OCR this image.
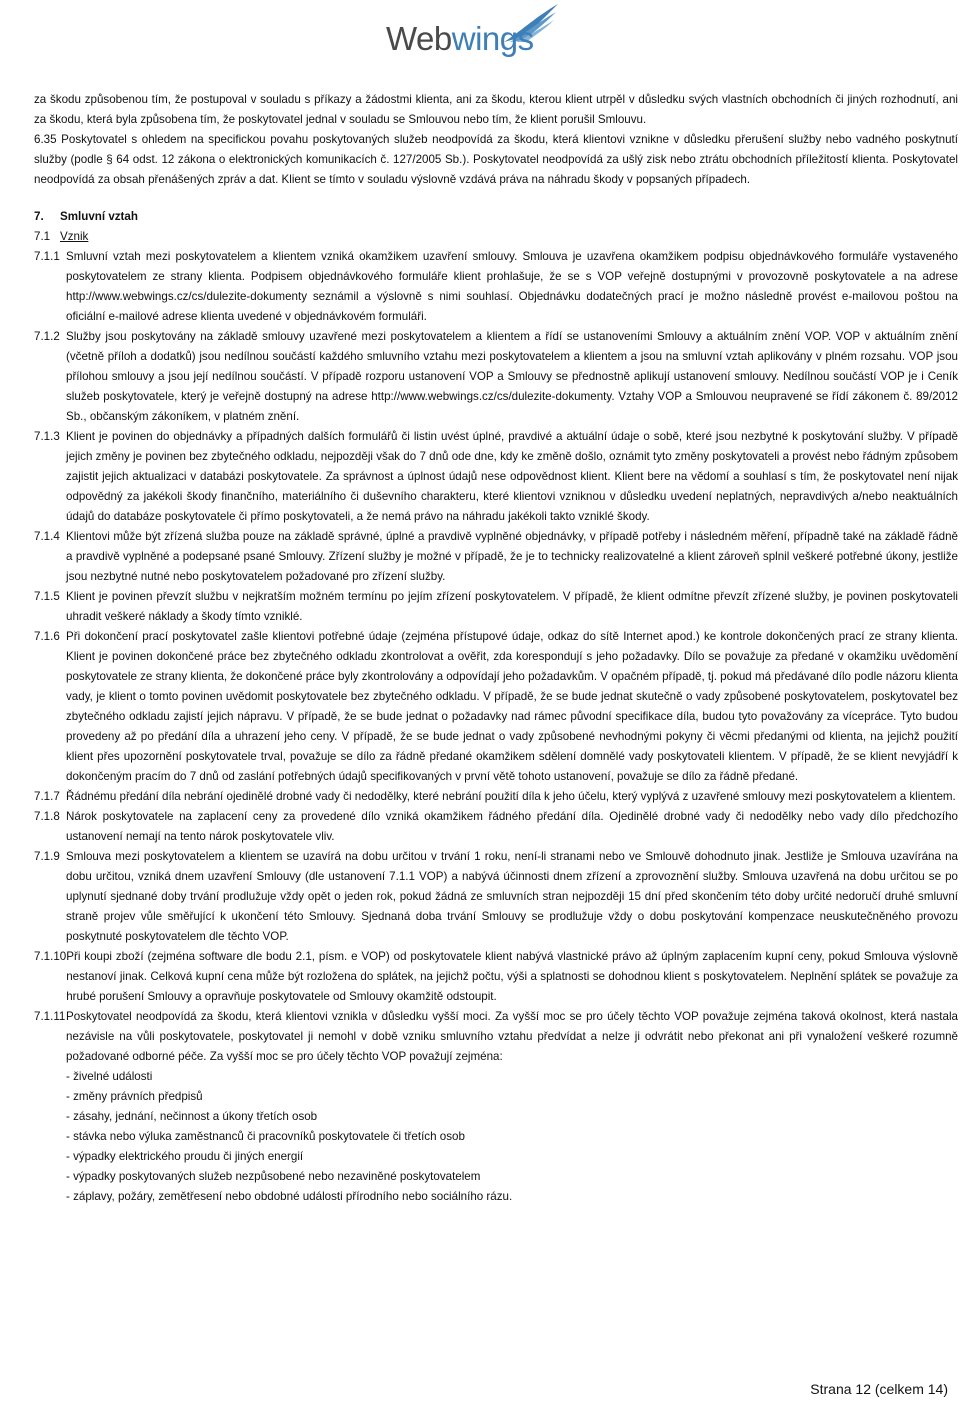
Webwings

za škodu způsobenou tím, že postupoval v souladu s příkazy a žádostmi klienta, ani za škodu, kterou klient utrpěl v důsledku svých vlastních obchodních či jiných rozhodnutí, ani za škodu, která byla způsobena tím, že poskytovatel jednal v souladu se Smlouvou nebo tím, že klient porušil Smlouvu.

6.35 Poskytovatel s ohledem na specifickou povahu poskytovaných služeb neodpovídá za škodu, která klientovi vznikne v důsledku přerušení služby nebo vadného poskytnutí služby (podle § 64 odst. 12 zákona o elektronických komunikacích č. 127/2005 Sb.). Poskytovatel neodpovídá za ušlý zisk nebo ztrátu obchodních příležitostí klienta. Poskytovatel neodpovídá za obsah přenášených zpráv a dat. Klient se tímto v souladu výslovně vzdává práva na náhradu škody v popsaných případech.

7. Smluvní vztah
7.1 Vznik
7.1.1 Smluvní vztah mezi poskytovatelem a klientem vzniká okamžikem uzavření smlouvy. Smlouva je uzavřena okamžikem podpisu objednávkového formuláře vystaveného poskytovatelem ze strany klienta. Podpisem objednávkového formuláře klient prohlašuje, že se s VOP veřejně dostupnými v provozovně poskytovatele a na adrese http://www.webwings.cz/cs/dulezite-dokumenty seznámil a výslovně s nimi souhlasí. Objednávku dodatečných prací je možno následně provést e-mailovou poštou na oficiální e-mailové adrese klienta uvedené v objednávkovém formuláři.
7.1.2 Služby jsou poskytovány na základě smlouvy uzavřené mezi poskytovatelem a klientem a řídí se ustanoveními Smlouvy a aktuálním znění VOP. VOP v aktuálním znění (včetně příloh a dodatků) jsou nedílnou součástí každého smluvního vztahu mezi poskytovatelem a klientem a jsou na smluvní vztah aplikovány v plném rozsahu. VOP jsou přílohou smlouvy a jsou její nedílnou součástí. V případě rozporu ustanovení VOP a Smlouvy se přednostně aplikují ustanovení smlouvy. Nedílnou součástí VOP je i Ceník služeb poskytovatele, který je veřejně dostupný na adrese http://www.webwings.cz/cs/dulezite-dokumenty. Vztahy VOP a Smlouvou neupravené se řídí zákonem č. 89/2012 Sb., občanským zákoníkem, v platném znění.
7.1.3 Klient je povinen do objednávky a případných dalších formulářů či listin uvést úplné, pravdivé a aktuální údaje o sobě, které jsou nezbytné k poskytování služby. V případě jejich změny je povinen bez zbytečného odkladu, nejpozději však do 7 dnů ode dne, kdy ke změně došlo, oznámit tyto změny poskytovateli a provést nebo řádným způsobem zajistit jejich aktualizaci v databázi poskytovatele. Za správnost a úplnost údajů nese odpovědnost klient. Klient bere na vědomí a souhlasí s tím, že poskytovatel není nijak odpovědný za jakékoli škody finančního, materiálního či duševního charakteru, které klientovi vzniknou v důsledku uvedení neplatných, nepravdivých a/nebo neaktuálních údajů do databáze poskytovatele či přímo poskytovateli, a že nemá právo na náhradu jakékoli takto vzniklé škody.
7.1.4 Klientovi může být zřízená služba pouze na základě správné, úplné a pravdivě vyplněné objednávky, v případě potřeby i následném měření, případně také na základě řádně a pravdivě vyplněné a podepsané psané Smlouvy. Zřízení služby je možné v případě, že je to technicky realizovatelné a klient zároveň splnil veškeré potřebné úkony, jestliže jsou nezbytné nutné nebo poskytovatelem požadované pro zřízení služby.
7.1.5 Klient je povinen převzít službu v nejkratším možném termínu po jejím zřízení poskytovatelem. V případě, že klient odmítne převzít zřízené služby, je povinen poskytovateli uhradit veškeré náklady a škody tímto vzniklé.
7.1.6 Při dokončení prací poskytovatel zašle klientovi potřebné údaje (zejména přístupové údaje, odkaz do sítě Internet apod.) ke kontrole dokončených prací ze strany klienta. Klient je povinen dokončené práce bez zbytečného odkladu zkontrolovat a ověřit, zda korespondují s jeho požadavky. Dílo se považuje za předané v okamžiku uvědomění poskytovatele ze strany klienta, že dokončené práce byly zkontrolovány a odpovídají jeho požadavkům. V opačném případě, tj. pokud má předávané dílo podle názoru klienta vady, je klient o tomto povinen uvědomit poskytovatele bez zbytečného odkladu. V případě, že se bude jednat skutečně o vady způsobené poskytovatelem, poskytovatel bez zbytečného odkladu zajistí jejich nápravu. V případě, že se bude jednat o požadavky nad rámec původní specifikace díla, budou tyto považovány za vícepráce. Tyto budou provedeny až po předání díla a uhrazení jeho ceny. V případě, že se bude jednat o vady způsobené nevhodnými pokyny či věcmi předanými od klienta, na jejichž použití klient přes upozornění poskytovatele trval, považuje se dílo za řádně předané okamžikem sdělení domnělé vady poskytovateli klientem. V případě, že se klient nevyjádří k dokončeným pracím do 7 dnů od zaslání potřebných údajů specifikovaných v první větě tohoto ustanovení, považuje se dílo za řádně předané.
7.1.7 Řádnému předání díla nebrání ojedinělé drobné vady či nedodělky, které nebrání použití díla k jeho účelu, který vyplývá z uzavřené smlouvy mezi poskytovatelem a klientem.
7.1.8 Nárok poskytovatele na zaplacení ceny za provedené dílo vzniká okamžikem řádného předání díla. Ojedinělé drobné vady či nedodělky nebo vady dílo předchozího ustanovení nemají na tento nárok poskytovatele vliv.
7.1.9 Smlouva mezi poskytovatelem a klientem se uzavírá na dobu určitou v trvání 1 roku, není-li stranami nebo ve Smlouvě dohodnuto jinak. Jestliže je Smlouva uzavírána na dobu určitou, vzniká dnem uzavření Smlouvy (dle ustanovení 7.1.1 VOP) a nabývá účinnosti dnem zřízení a zprovoznění služby. Smlouva uzavřená na dobu určitou se po uplynutí sjednané doby trvání prodlužuje vždy opět o jeden rok, pokud žádná ze smluvních stran nejpozději 15 dní před skončením této doby určité nedoručí druhé smluvní straně projev vůle směřující k ukončení této Smlouvy. Sjednaná doba trvání Smlouvy se prodlužuje vždy o dobu poskytování kompenzace neuskutečněného provozu poskytnuté poskytovatelem dle těchto VOP.
7.1.10 Při koupi zboží (zejména software dle bodu 2.1, písm. e VOP) od poskytovatele klient nabývá vlastnické právo až úplným zaplacením kupní ceny, pokud Smlouva výslovně nestanoví jinak. Celková kupní cena může být rozložena do splátek, na jejichž počtu, výši a splatnosti se dohodnou klient s poskytovatelem. Neplnění splátek se považuje za hrubé porušení Smlouvy a opravňuje poskytovatele od Smlouvy okamžitě odstoupit.
7.1.11 Poskytovatel neodpovídá za škodu, která klientovi vznikla v důsledku vyšší moci. Za vyšší moc se pro účely těchto VOP považuje zejména taková okolnost, která nastala nezávisle na vůli poskytovatele, poskytovatel ji nemohl v době vzniku smluvního vztahu předvídat a nelze ji odvrátit nebo překonat ani při vynaložení veškeré rozumně požadované odborné péče. Za vyšší moc se pro účely těchto VOP považují zejména:
- živelné události
- změny právních předpisů
- zásahy, jednání, nečinnost a úkony třetích osob
- stávka nebo výluka zaměstnanců či pracovníků poskytovatele či třetích osob
- výpadky elektrického proudu či jiných energií
- výpadky poskytovaných služeb nezpůsobené nebo nezaviněné poskytovatelem
- záplavy, požáry, zemětřesení nebo obdobné události přírodního nebo sociálního rázu.
Strana 12 (celkem 14)
